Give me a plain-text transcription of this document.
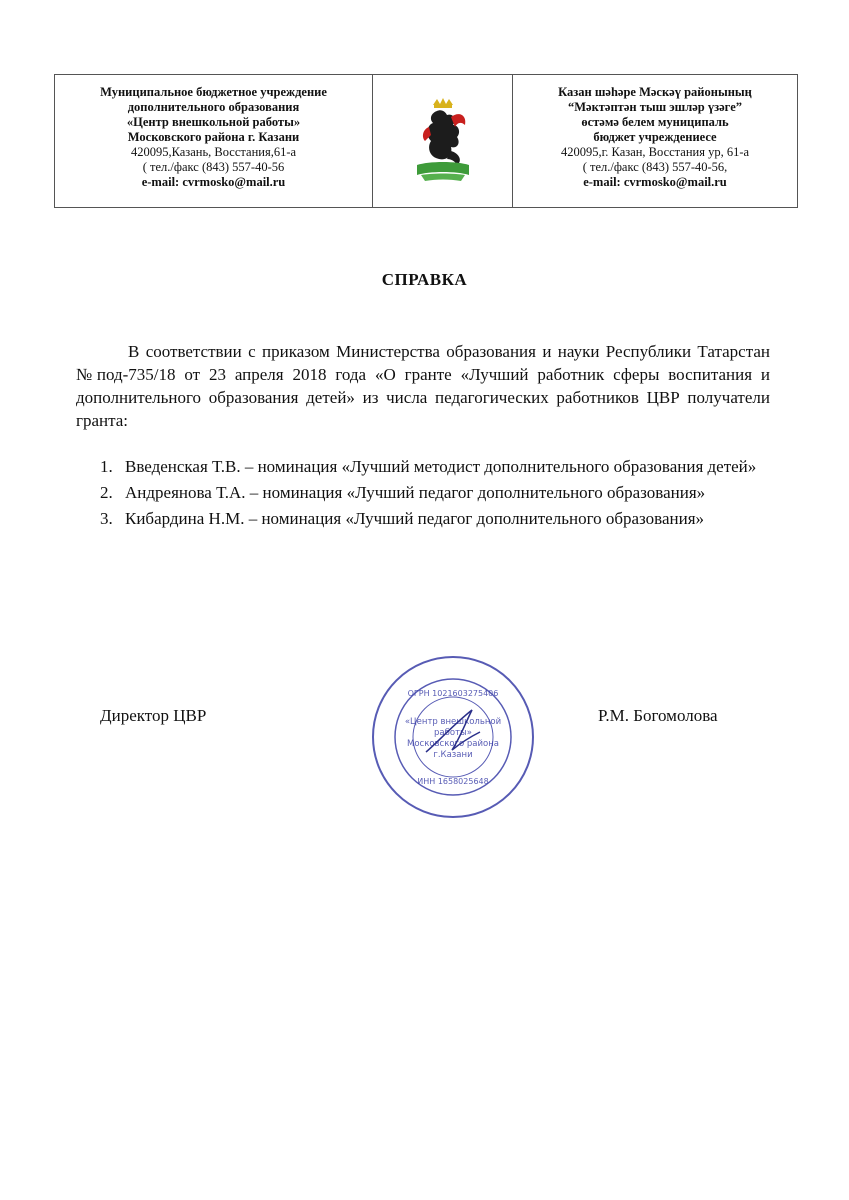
Муниципальное бюджетное учреждение
дополнительного образования
«Центр внешкольной работы»
Московского района г. Казани
420095,Казань, Восстания,61-а
( тел./факс (843) 557-40-56
e-mail: cvrmosko@mail.ru
Казан шәһәре Мәскәү районының
“Мәктәптән тыш эшләр үзәге”
өстәмә белем муниципаль
бюджет учреждениесе
420095,г. Казан, Восстания ур, 61-а
( тел./факс (843) 557-40-56,
e-mail: cvrmosko@mail.ru
СПРАВКА
В соответствии с приказом Министерства образования и науки Республики Татарстан №под-735/18 от 23 апреля 2018 года «О гранте «Лучший работник сферы воспитания и дополнительного образования детей» из числа педагогических работников ЦВР получатели гранта:
1. Введенская Т.В. – номинация «Лучший методист дополнительного образования детей»
2. Андреянова Т.А. – номинация «Лучший педагог дополнительного образования»
3. Кибардина Н.М. – номинация «Лучший педагог дополнительного образования»
Директор ЦВР	Р.М. Богомолова
ОГРН 1021603275406
«Центр внешкольной
работы»
Московского района
г.Казани
ИНН 1658025648
